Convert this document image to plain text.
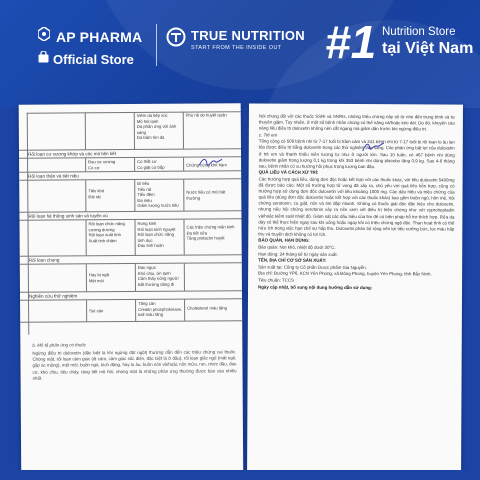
AP PHARMA
Official Store
TRUE NUTRITION
START FROM THE INSIDE OUT #1 Nutrition Store
tại Việt Nam
Viêm da tiếp xúc
Mồ hôi lạnh
Da phản ứng với ánh sáng
Da bầm tím da
Phù nề do huyết quản
Rối loạn cơ xương khớp và các mô liên kết
Đau cơ xương
Co cơ
Co thắt cơ
Co giật cơ bắp	Chứng cứng khít hàm
Rối loạn thận và tiết niệu
Tiểu khó
Đái rát
Bí tiểu
Tiểu rát
Tiểu đêm
Đa niệu
Giảm lượng nước tiểu
Nước tiểu có mùi bất thường
Rối loạn hệ thống sinh sản và tuyến vú
Rối loạn chức năng cương dương
Rối loạn xuất tinh
Xuất tinh chậm
Rong kinh
Rối loạn kinh nguyệt
Rối loạn chức năng tình dục
Đau tinh hoàn
Các triệu chứng mãn kinh
Đa tiết sữa
Tăng prolactin huyết
Rối loạn chung
Hay bị ngã
Mệt mỏi
Đau ngực
Khó chịu, ớn lạnh
Cảm thấy nóng người
Bất thường dáng đi
Nghiên cứu thử nghiệm
Sụt cân
Tăng cân
Creatin phosphokinase, kali máu tăng
Cholesterol máu tăng
b. Mô tả phản ứng có thuốc
Ngừng điều trị duloxetin (đặc biệt là khi ngừng đột ngột) thường dẫn đến các triệu chứng cai thuốc. Chóng mặt, rối loạn cảm giác (dị cảm, cảm giác sốc điện, đặc biệt là ở đầu), rối loạn giấc ngủ (mất ngủ, gặp ác mộng), mệt mỏi, buồn ngủ, kích động, hay lo âu, buồn nôn và/hoặc nôn mửa, run, nhức đầu, đau cơ, khó chịu, tiêu chảy, tăng tiết mồ hôi, chóng mặt là những phản ứng thường được báo cáo nhiều nhất.

Nói chung đối với các thuốc SSRI và SNRIs, những triệu chứng này sẽ từ nhẹ đến trung bình và tự thuyên giảm. Tuy nhiên, ở một số bệnh nhân chúng có thể nặng và/hoặc kéo dài. Do đó, khuyến cáo nâng liều điều trị duloxetin không nên cắt ngang mà giảm dần trước khi ngừng điều trị.

c. Trẻ em

Tổng cộng có 509 bệnh nhi từ 7-17 tuổi bị trầm cảm và 241 bệnh nhi từ 7-17 tuổi bị rối loạn lo âu lan tỏa được điều trị bằng duloxetin trong các thử nghiệm lâm sàng. Các phản ứng bất lợi của duloxetin ở trẻ em và thanh thiếu niên tương tự như ở người lớn. Sau 10 tuần, có 467 bệnh nhi dùng duloxetin giảm trọng lượng 0,1 kg trong khi 353 bệnh nhi dùng placebo tăng 0,9 kg. Sau 4-6 tháng sau, bệnh nhân có xu hướng hồi phục trọng lượng ban đầu.

QUÁ LIỀU VÀ CÁCH XỬ TRÍ:

Các trường hợp quá liều, dùng đơn độc hoặc kết hợp với các thuốc khác, với liều duloxetin 5400mg đã được báo cáo. Một số trường hợp tử vong đã xảy ra, chủ yếu với quá liều hỗn hợp, cũng có trường hợp sử dụng đơn độc duloxetin với liều khoảng 1000 mg. Các dấu hiệu và triệu chứng của quá liều (dùng đơn độc duloxetin hoặc kết hợp với các thuốc khác) bao gồm buồn ngủ, hôn mê, hội chứng serotonin, co giật, nôn và tim đập nhanh. Không có thuốc giải độc đặc hiệu cho duloxetin, nhưng nếu hội chứng serotonin xảy ra nên xem xét điều trị triệu chứng như với cyproheptadin và/hoặc kiểm soát nhiệt độ. Giám sát các dấu hiệu của tim để có biện pháp hỗ trợ thích hợp. Rửa dạ dày có thể thực hiện ngay sau khi uống hoặc ngay khi có triệu chứng ngộ độc. Than hoạt tính có thể hữu ích trong việc hạn chế sự hấp thu. Duloxetin phân bố rộng nên lợi tiểu cưỡng bức, lọc máu hấp thu và truyền dịch không có lợi ích.

BẢO QUẢN, HẠN DÙNG:

Bảo quản: Nơi khô, nhiệt độ dưới 30°C.

Hạn dùng: 24 tháng kể từ ngày sản xuất.

TÊN, ĐỊA CHỈ CƠ SỞ SẢN XUẤT:

Sản xuất tại: Công ty Cổ phần Dược phẩm Gia Nguyễn.

Địa chỉ: Đường YP6, KCN Yên Phong, xã Đông Phong, huyện Yên Phong, tỉnh Bắc Ninh.

Tiêu chuẩn: TCCS

Ngày cập nhật, bổ sung nội dung hướng dẫn sử dụng:
